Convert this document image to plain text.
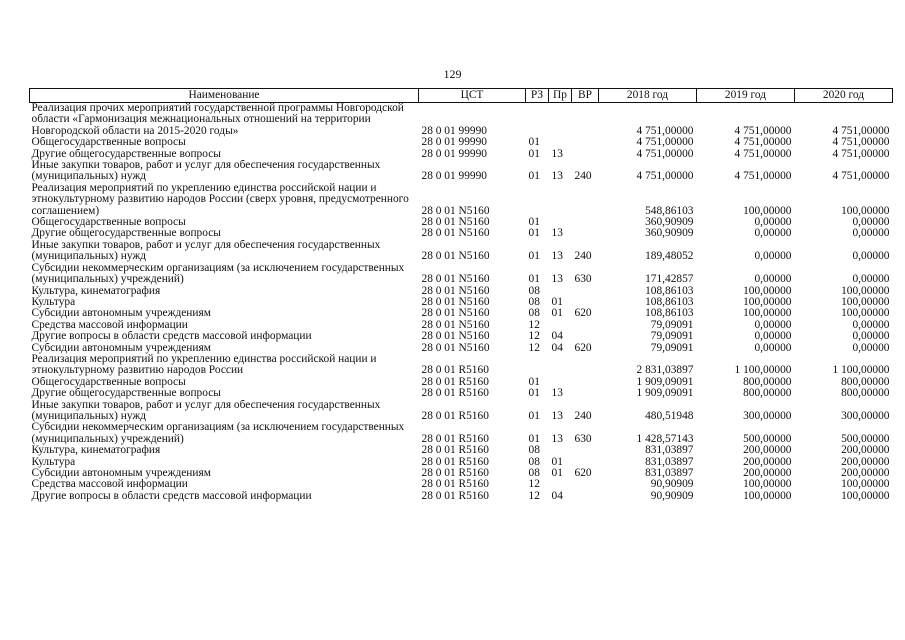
129
Наименование	ЦСТ	РЗ	Пр	ВР	2018 год	2019 год	2020 год
Реализация прочих мероприятий государственной программы Новгородской области «Гармонизация межнациональных отношений на территории Новгородской области на 2015-2020 годы»	28 0 01 99990				4 751,00000	4 751,00000	4 751,00000
Общегосударственные вопросы	28 0 01 99990	01			4 751,00000	4 751,00000	4 751,00000
Другие общегосударственные вопросы	28 0 01 99990	01	13		4 751,00000	4 751,00000	4 751,00000
Иные закупки товаров, работ и услуг для обеспечения государственных (муниципальных) нужд	28 0 01 99990	01	13	240	4 751,00000	4 751,00000	4 751,00000
Реализация мероприятий по укреплению единства российской нации и этнокультурному развитию народов России (сверх уровня, предусмотренного соглашением)	28 0 01 N5160				548,86103	100,00000	100,00000
Общегосударственные вопросы	28 0 01 N5160	01			360,90909	0,00000	0,00000
Другие общегосударственные вопросы	28 0 01 N5160	01	13		360,90909	0,00000	0,00000
Иные закупки товаров, работ и услуг для обеспечения государственных (муниципальных) нужд	28 0 01 N5160	01	13	240	189,48052	0,00000	0,00000
Субсидии некоммерческим организациям (за исключением государственных (муниципальных) учреждений)	28 0 01 N5160	01	13	630	171,42857	0,00000	0,00000
Культура, кинематография	28 0 01 N5160	08			108,86103	100,00000	100,00000
Культура	28 0 01 N5160	08	01		108,86103	100,00000	100,00000
Субсидии автономным учреждениям	28 0 01 N5160	08	01	620	108,86103	100,00000	100,00000
Средства массовой информации	28 0 01 N5160	12			79,09091	0,00000	0,00000
Другие вопросы в области средств массовой информации	28 0 01 N5160	12	04		79,09091	0,00000	0,00000
Субсидии автономным учреждениям	28 0 01 N5160	12	04	620	79,09091	0,00000	0,00000
Реализация мероприятий по укреплению единства российской нации и этнокультурному развитию народов России	28 0 01 R5160				2 831,03897	1 100,00000	1 100,00000
Общегосударственные вопросы	28 0 01 R5160	01			1 909,09091	800,00000	800,00000
Другие общегосударственные вопросы	28 0 01 R5160	01	13		1 909,09091	800,00000	800,00000
Иные закупки товаров, работ и услуг для обеспечения государственных (муниципальных) нужд	28 0 01 R5160	01	13	240	480,51948	300,00000	300,00000
Субсидии некоммерческим организациям (за исключением государственных (муниципальных) учреждений)	28 0 01 R5160	01	13	630	1 428,57143	500,00000	500,00000
Культура, кинематография	28 0 01 R5160	08			831,03897	200,00000	200,00000
Культура	28 0 01 R5160	08	01		831,03897	200,00000	200,00000
Субсидии автономным учреждениям	28 0 01 R5160	08	01	620	831,03897	200,00000	200,00000
Средства массовой информации	28 0 01 R5160	12			90,90909	100,00000	100,00000
Другие вопросы в области средств массовой информации	28 0 01 R5160	12	04		90,90909	100,00000	100,00000
